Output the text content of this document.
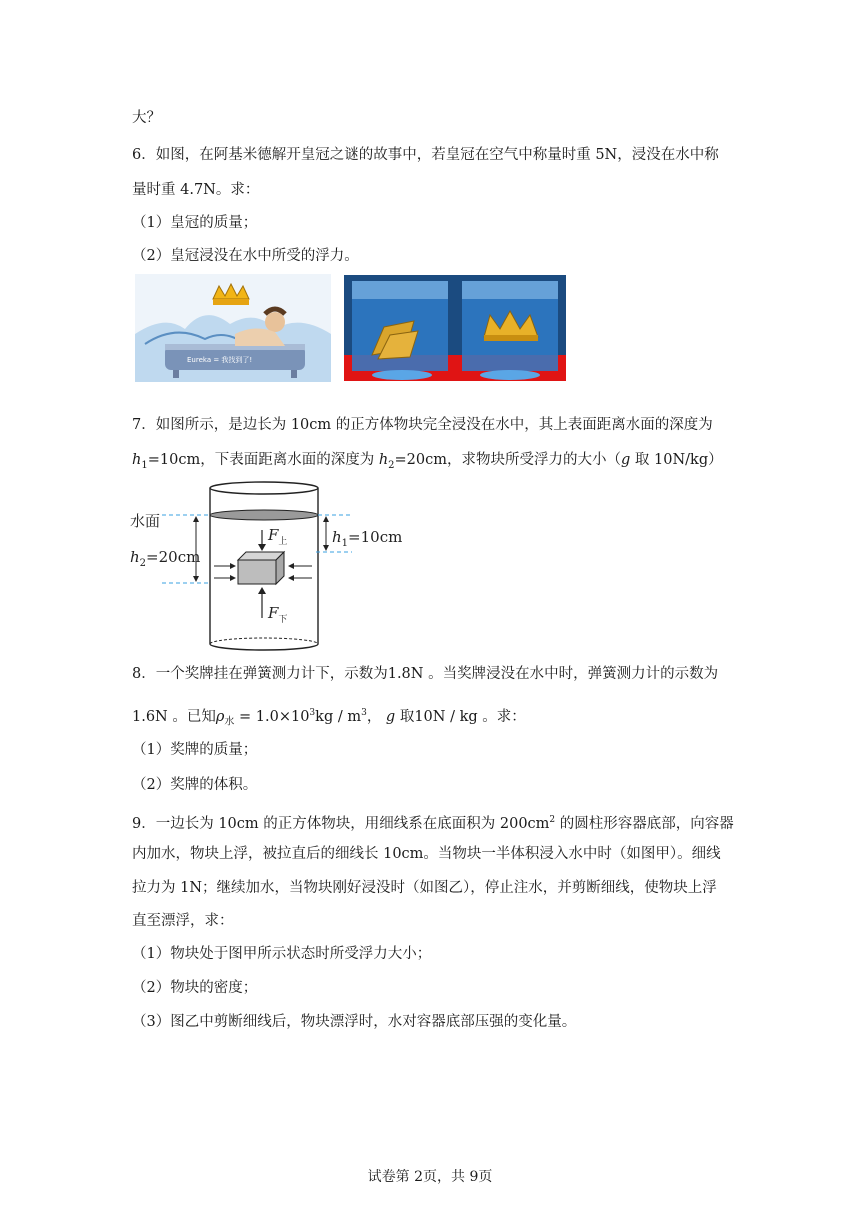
大？
6．如图，在阿基米德解开皇冠之谜的故事中，若皇冠在空气中称量时重 5N，浸没在水中称
量时重 4.7N。求：
（1）皇冠的质量；
（2）皇冠浸没在水中所受的浮力。
Eureka = 我找到了!
7．如图所示，是边长为 10cm 的正方体物块完全浸没在水中，其上表面距离水面的深度为
$h_1=10cm$，下表面距离水面的深度为 $h_2=20cm$，求物块所受浮力的大小（g 取 10N/kg）
水面
$h_2=20cm$
$h_1=10cm$
$F_上$
$F_下$
8．一个奖牌挂在弹簧测力计下，示数为1.8N 。当奖牌浸没在水中时，弹簧测力计的示数为
1.6N 。已知$\rho_水 = 1.0\times 10^3kg / m^3$， g 取10N / kg 。求：
（1）奖牌的质量；
（2）奖牌的体积。
9．一边长为 10cm 的正方体物块，用细线系在底面积为 $200cm^2$ 的圆柱形容器底部，向容器
内加水，物块上浮，被拉直后的细线长 10cm。当物块一半体积浸入水中时（如图甲）。细线
拉力为 1N；继续加水，当物块刚好浸没时（如图乙），停止注水，并剪断细线，使物块上浮
直至漂浮，求：
（1）物块处于图甲所示状态时所受浮力大小；
（2）物块的密度；
（3）图乙中剪断细线后，物块漂浮时，水对容器底部压强的变化量。
试卷第 2页，共 9页
